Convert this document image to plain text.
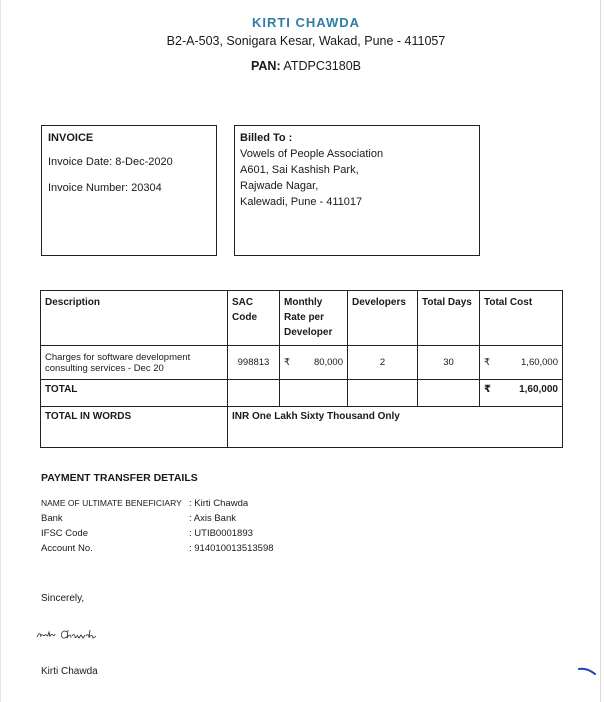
KIRTI CHAWDA
B2-A-503, Sonigara Kesar, Wakad, Pune - 411057
PAN: ATDPC3180B
INVOICE
Invoice Date: 8-Dec-2020
Invoice Number: 20304
Billed To :
Vowels of People Association
A601, Sai Kashish Park,
Rajwade Nagar,
Kalewadi, Pune - 411017
Description	SAC Code	Monthly Rate per Developer	Developers	Total Days	Total Cost
Charges for software development consulting services - Dec 20	998813	₹ 80,000	2	30	₹ 1,60,000

TOTAL					₹ 1,60,000

TOTAL IN WORDS	INR One Lakh Sixty Thousand Only				
PAYMENT TRANSFER DETAILS
NAME OF ULTIMATE BENEFICIARY : Kirti Chawda
Bank	: Axis Bank
IFSC Code	: UTIB0001893
Account No.	: 914010013513598
Sincerely,
Kirti Chawda
